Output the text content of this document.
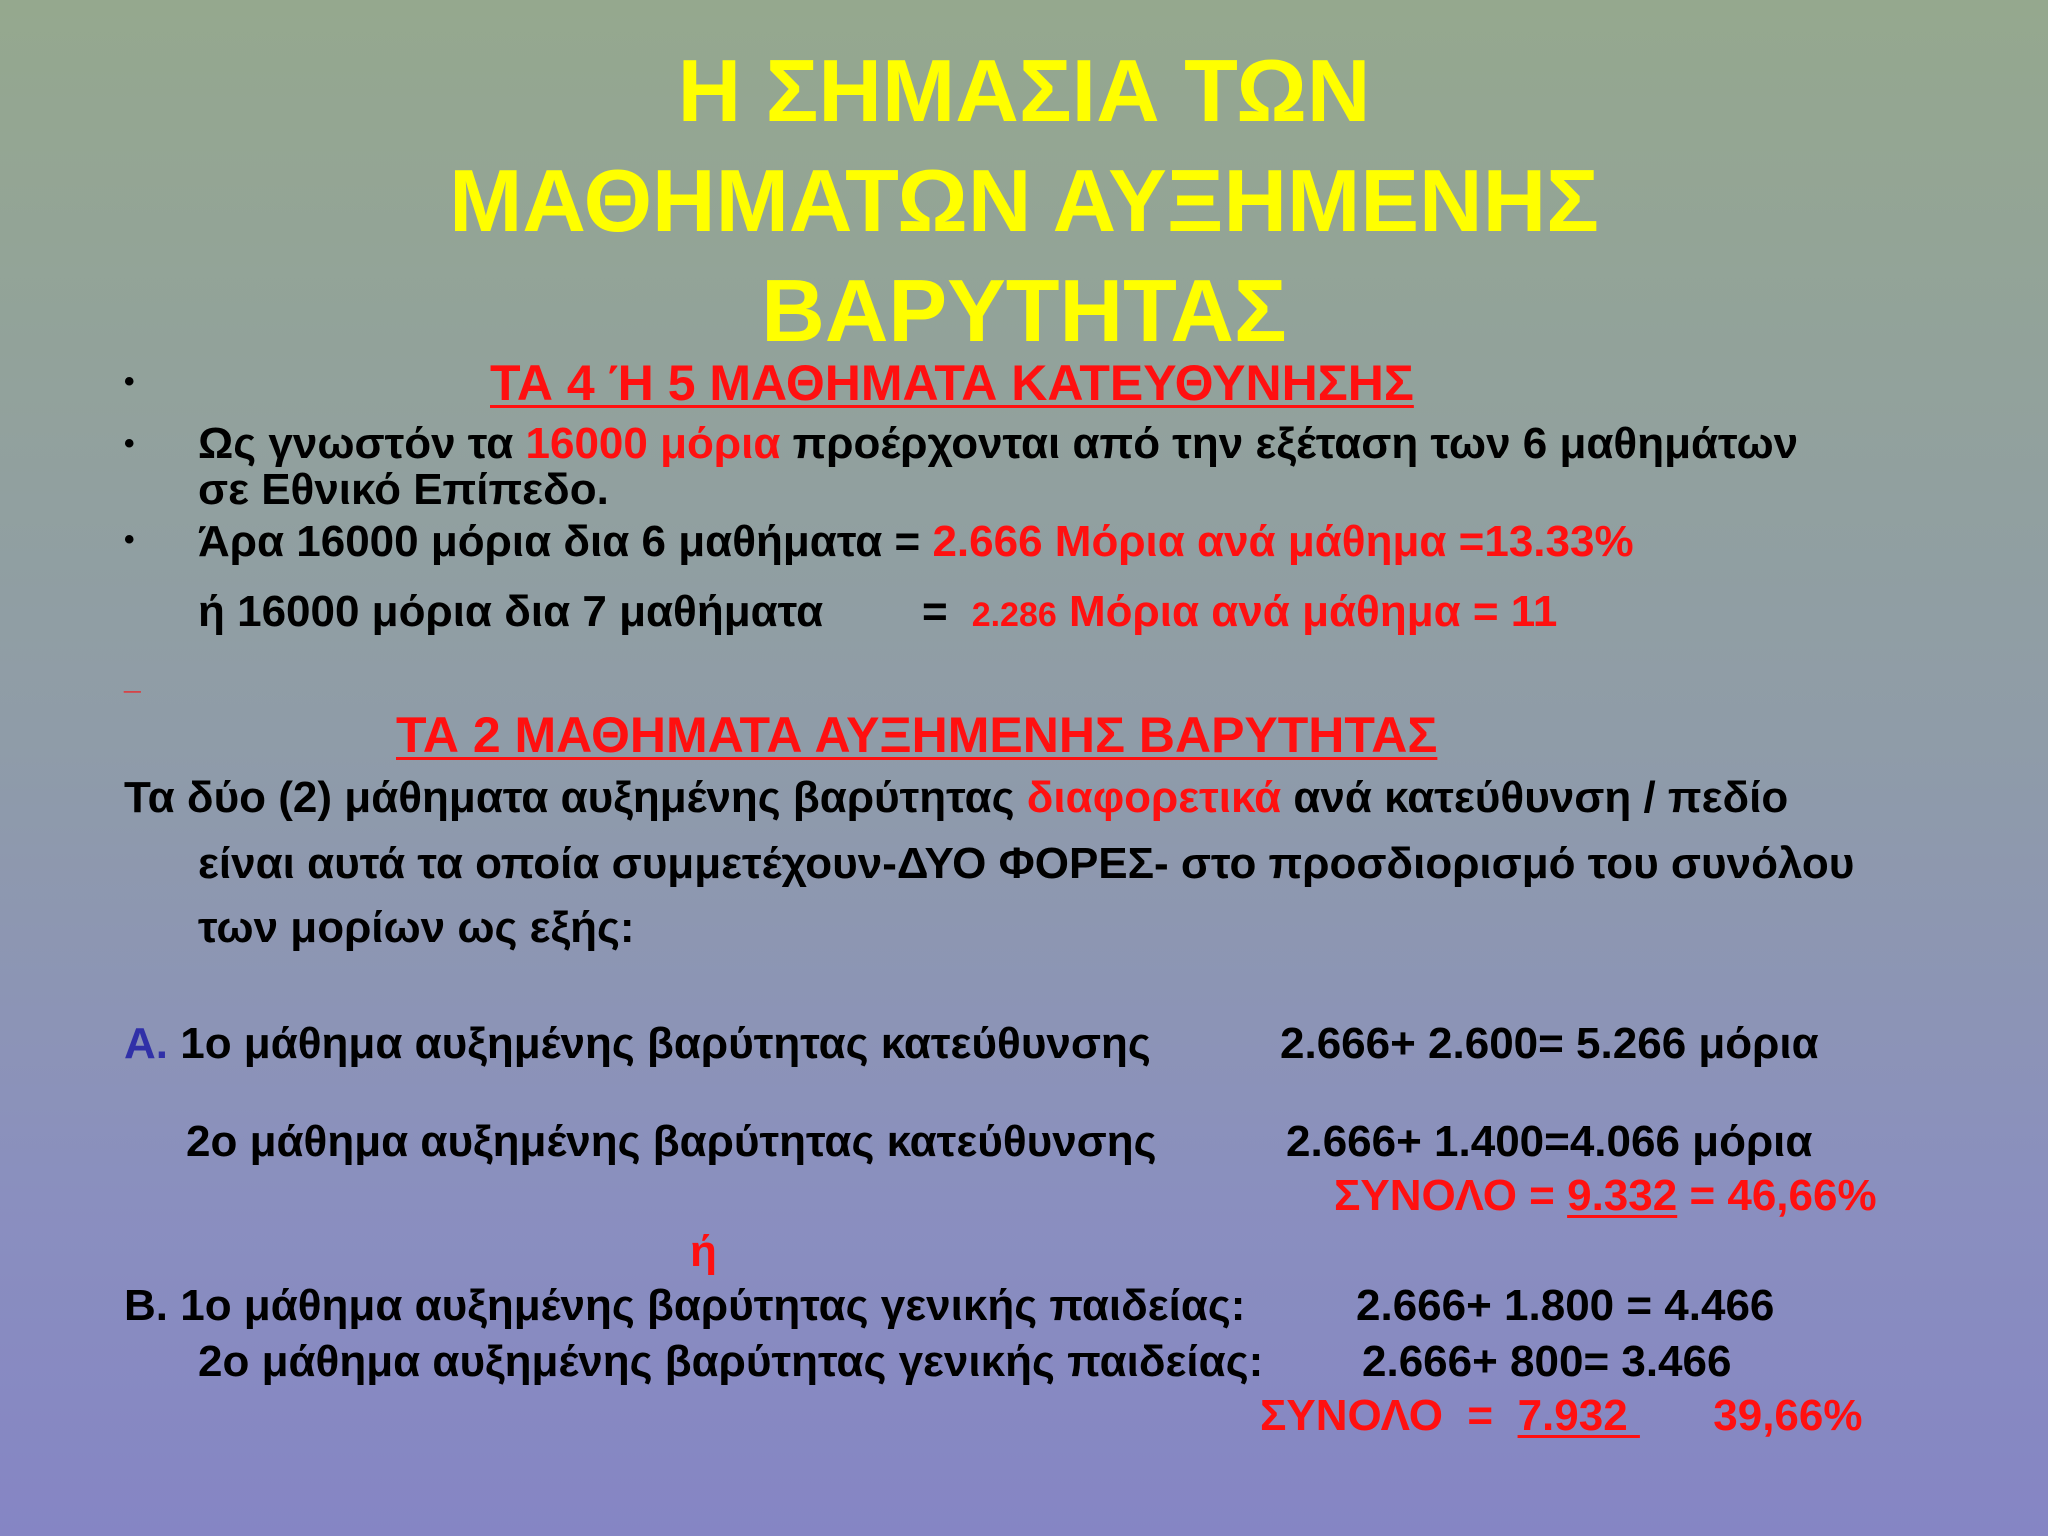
Η ΣΗΜΑΣΙΑ ΤΩΝ
ΜΑΘΗΜΑΤΩΝ ΑΥΞΗΜΕΝΗΣ
ΒΑΡΥΤΗΤΑΣ
•	ΤΑ 4 Ή 5 ΜΑΘΗΜΑΤΑ ΚΑΤΕΥΘΥΝΗΣΗΣ
• Ως γνωστόν τα 16000 μόρια προέρχονται από την εξέταση των 6 μαθημάτων
σε Εθνικό Επίπεδο.
• Άρα 16000 μόρια δια 6 μαθήματα = 2.666 Μόρια ανά μάθημα =13.33%
ή 16000 μόρια δια 7 μαθήματα = 2.286 Μόρια ανά μάθημα = 11
_
ΤΑ 2 ΜΑΘΗΜΑΤΑ ΑΥΞΗΜΕΝΗΣ ΒΑΡΥΤΗΤΑΣ
Τα δύο (2) μάθηματα αυξημένης βαρύτητας διαφορετικά ανά κατεύθυνση / πεδίο
είναι αυτά τα οποία συμμετέχουν-ΔΥΟ ΦΟΡΕΣ- στο προσδιορισμό του συνόλου
των μορίων ως εξής:
Α. 1ο μάθημα αυξημένης βαρύτητας κατεύθυνσης	2.666+ 2.600= 5.266 μόρια
2ο μάθημα αυξημένης βαρύτητας κατεύθυνσης	2.666+ 1.400=4.066 μόρια
ΣΥΝΟΛΟ = 9.332 = 46,66%
ή
Β. 1ο μάθημα αυξημένης βαρύτητας γενικής παιδείας:	2.666+ 1.800 = 4.466
2ο μάθημα αυξημένης βαρύτητας γενικής παιδείας: 2.666+ 800= 3.466
ΣΥΝΟΛΟ  =  7.932       39,66%
